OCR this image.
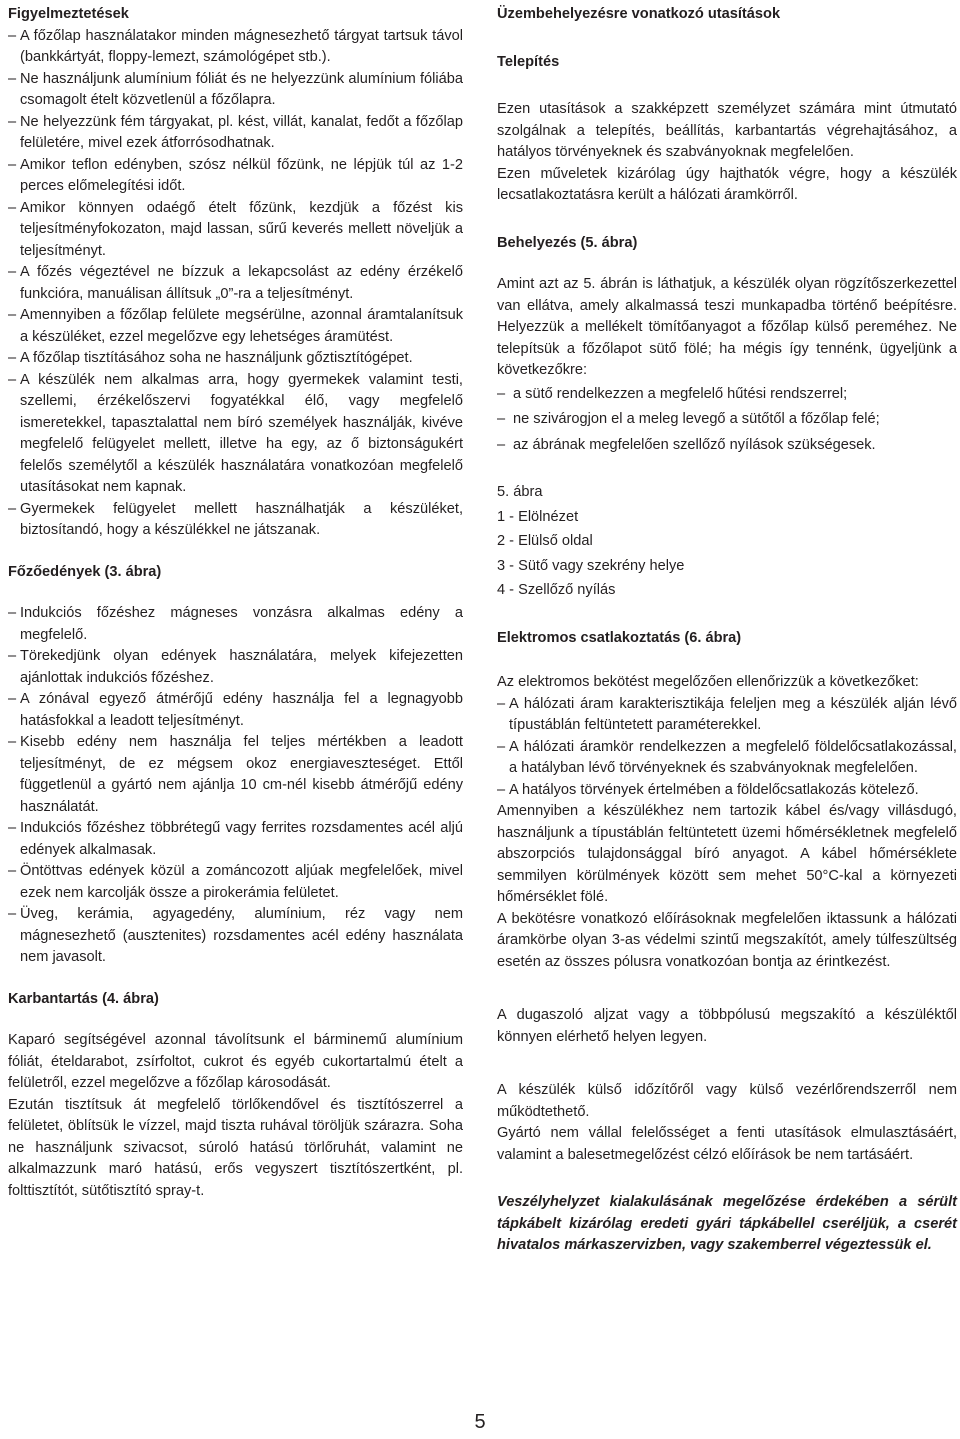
Figyelmeztetések
– A főzőlap használatakor minden mágnesezhető tárgyat tartsuk távol (bankkártyát, floppy-lemezt, számológépet stb.).
– Ne használjunk alumínium fóliát és ne helyezzünk alumínium fóliába csomagolt ételt közvetlenül a főzőlapra.
– Ne helyezzünk fém tárgyakat, pl. kést, villát, kanalat, fedőt a főzőlap felületére, mivel ezek átforrósodhatnak.
– Amikor teflon edényben, szósz nélkül főzünk, ne lépjük túl az 1-2 perces előmelegítési időt.
– Amikor könnyen odaégő ételt főzünk, kezdjük a főzést kis teljesítményfokozaton, majd lassan, sűrű keverés mellett növeljük a teljesítményt.
– A főzés végeztével ne bízzuk a lekapcsolást az edény érzékelő funkcióra, manuálisan állítsuk „0”-ra a teljesítményt.
– Amennyiben a főzőlap felülete megsérülne, azonnal áramtalanítsuk a készüléket, ezzel megelőzve egy lehetséges áramütést.
– A főzőlap tisztításához soha ne használjunk gőztisztítógépet.
– A készülék nem alkalmas arra, hogy gyermekek valamint testi, szellemi, érzékelőszervi fogyatékkal élő, vagy megfelelő ismeretekkel, tapasztalattal nem bíró személyek használják, kivéve megfelelő felügyelet mellett, illetve ha egy, az ő biztonságukért felelős személytől a készülék használatára vonatkozóan megfelelő utasításokat nem kapnak.
– Gyermekek felügyelet mellett használhatják a készüléket, biztosítandó, hogy a készülékkel ne játszanak.
Főzőedények (3. ábra)
– Indukciós főzéshez mágneses vonzásra alkalmas edény a megfelelő.
– Törekedjünk olyan edények használatára, melyek kifejezetten ajánlottak indukciós főzéshez.
– A zónával egyező átmérőjű edény használja fel a legnagyobb hatásfokkal a leadott teljesítményt.
– Kisebb edény nem használja fel teljes mértékben a leadott teljesítményt, de ez mégsem okoz energiaveszteséget. Ettől függetlenül a gyártó nem ajánlja 10 cm-nél kisebb átmérőjű edény használatát.
– Indukciós főzéshez többrétegű vagy ferrites rozsdamentes acél aljú edények alkalmasak.
– Öntöttvas edények közül a zománcozott aljúak megfelelőek, mivel ezek nem karcolják össze a pirokerámia felületet.
– Üveg, kerámia, agyagedény, alumínium, réz vagy nem mágnesezhető (ausztenites) rozsdamentes acél edény használata nem javasolt.
Karbantartás (4. ábra)

Kaparó segítségével azonnal távolítsunk el bárminemű alumínium fóliát, ételdarabot, zsírfoltot, cukrot és egyéb cukortartalmú ételt a felületről, ezzel megelőzve a főzőlap károsodását.

Ezután tisztítsuk át megfelelő törlőkendővel és tisztítószerrel a felületet, öblítsük le vízzel, majd tiszta ruhával töröljük szárazra. Soha ne használjunk szivacsot, súroló hatású törlőruhát, valamint ne alkalmazzunk maró hatású, erős vegyszert tisztítószertként, pl. folttisztítót, sütőtisztító spray-t.

Üzembehelyezésre vonatkozó utasítások
Telepítés

Ezen utasítások a szakképzett személyzet számára mint útmutató szolgálnak a telepítés, beállítás, karbantartás végrehajtásához, a hatályos törvényeknek és szabványoknak megfelelően.

Ezen műveletek kizárólag úgy hajthatók végre, hogy a készülék lecsatlakoztatásra került a hálózati áramkörről.

Behelyezés (5. ábra)

Amint azt az 5. ábrán is láthatjuk, a készülék olyan rögzítőszerkezettel van ellátva, amely alkalmassá teszi munkapadba történő beépítésre. Helyezzük a mellékelt tömítőanyagot a főzőlap külső pereméhez. Ne telepítsük a főzőlapot sütő fölé; ha mégis így tennénk, ügyeljünk a következőkre:

– a sütő rendelkezzen a megfelelő hűtési rendszerrel;
– ne szivárogjon el a meleg levegő a sütőtől a főzőlap felé;
– az ábrának megfelelően szellőző nyílások szükségesek.
5. ábra
1 - Elölnézet
2 - Elülső oldal
3 - Sütő vagy szekrény helye
4 - Szellőző nyílás
Elektromos csatlakoztatás (6. ábra)

Az elektromos bekötést megelőzően ellenőrizzük a következőket:

– A hálózati áram karakterisztikája feleljen meg a készülék alján lévő típustáblán feltüntetett paraméterekkel.
– A hálózati áramkör rendelkezzen a megfelelő földelőcsatlakozással, a hatályban lévő törvényeknek és szabványoknak megfelelően.
– A hatályos törvények értelmében a földelőcsatlakozás kötelező.

Amennyiben a készülékhez nem tartozik kábel és/vagy villásdugó, használjunk a típustáblán feltüntetett üzemi hőmérsékletnek megfelelő abszorpciós tulajdonsággal bíró anyagot. A kábel hőmérséklete semmilyen körülmények között sem mehet 50°C-kal a környezeti hőmérséklet fölé.

A bekötésre vonatkozó előírásoknak megfelelően iktassunk a hálózati áramkörbe olyan 3-as védelmi szintű megszakítót, amely túlfeszültség esetén az összes pólusra vonatkozóan bontja az érintkezést.

A dugaszoló aljzat vagy a többpólusú megszakító a készüléktől könnyen elérhető helyen legyen.

A készülék külső időzítőről vagy külső vezérlőrendszerről nem működtethető.

Gyártó nem vállal felelősséget a fenti utasítások elmulasztásáért, valamint a balesetmegelőzést célzó előírások be nem tartásáért.

Veszélyhelyzet kialakulásának megelőzése érdekében a sérült tápkábelt kizárólag eredeti gyári tápkábellel cseréljük, a cserét hivatalos márkaszervizben, vagy szakemberrel végeztessük el.

5
